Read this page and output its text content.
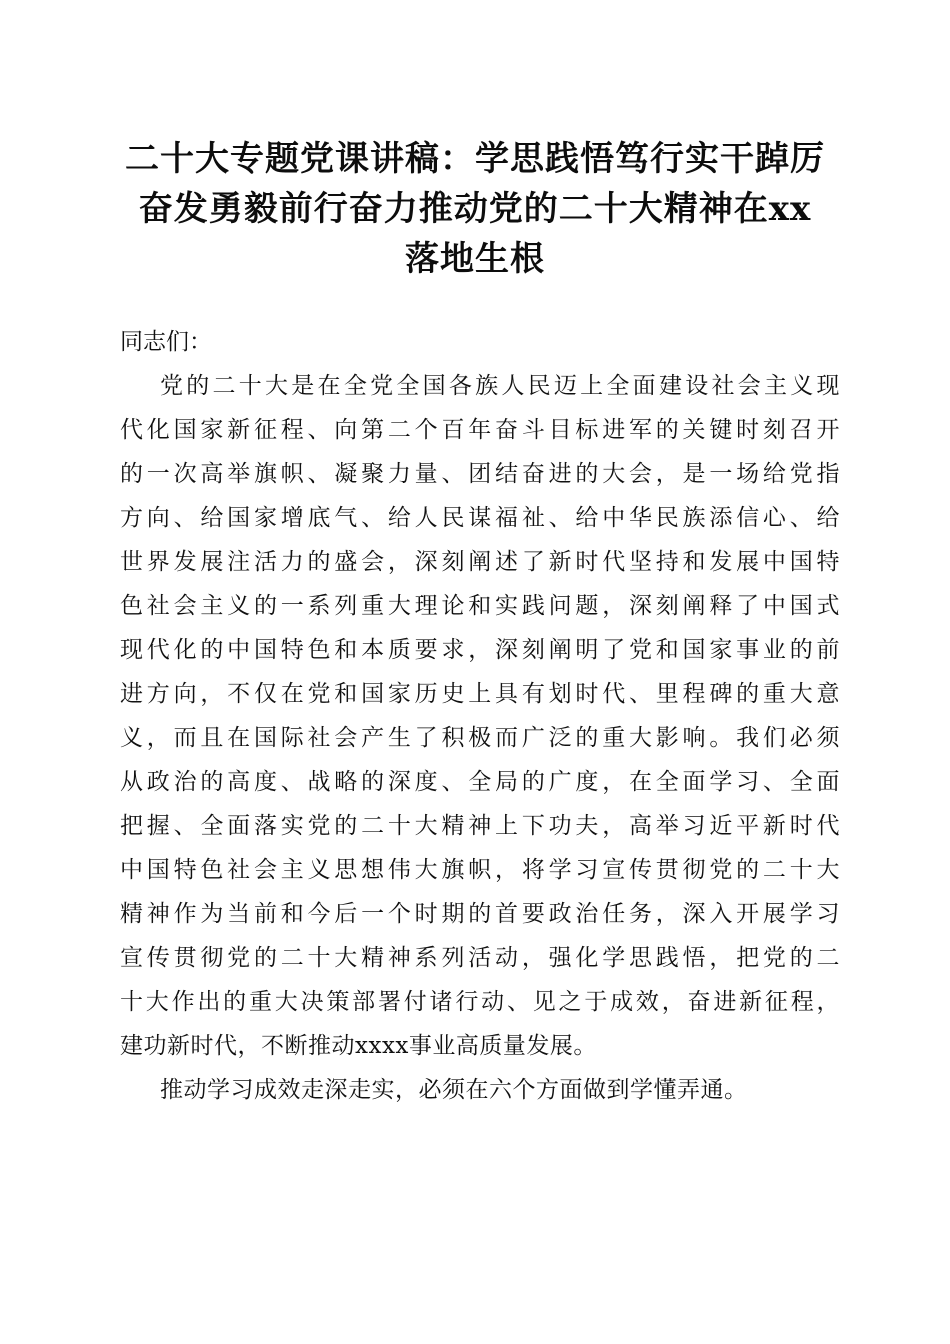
二十大专题党课讲稿：学思践悟笃行实干踔厉
奋发勇毅前行奋力推动党的二十大精神在xx
落地生根
同志们：
党的二十大是在全党全国各族人民迈上全面建设社会主义现
代化国家新征程、向第二个百年奋斗目标进军的关键时刻召开
的一次高举旗帜、凝聚力量、团结奋进的大会，是一场给党指
方向、给国家增底气、给人民谋福祉、给中华民族添信心、给
世界发展注活力的盛会，深刻阐述了新时代坚持和发展中国特
色社会主义的一系列重大理论和实践问题，深刻阐释了中国式
现代化的中国特色和本质要求，深刻阐明了党和国家事业的前
进方向，不仅在党和国家历史上具有划时代、里程碑的重大意
义，而且在国际社会产生了积极而广泛的重大影响。我们必须
从政治的高度、战略的深度、全局的广度，在全面学习、全面
把握、全面落实党的二十大精神上下功夫，高举习近平新时代
中国特色社会主义思想伟大旗帜，将学习宣传贯彻党的二十大
精神作为当前和今后一个时期的首要政治任务，深入开展学习
宣传贯彻党的二十大精神系列活动，强化学思践悟，把党的二
十大作出的重大决策部署付诸行动、见之于成效，奋进新征程，
建功新时代，不断推动xxxx事业高质量发展。
推动学习成效走深走实，必须在六个方面做到学懂弄通。
